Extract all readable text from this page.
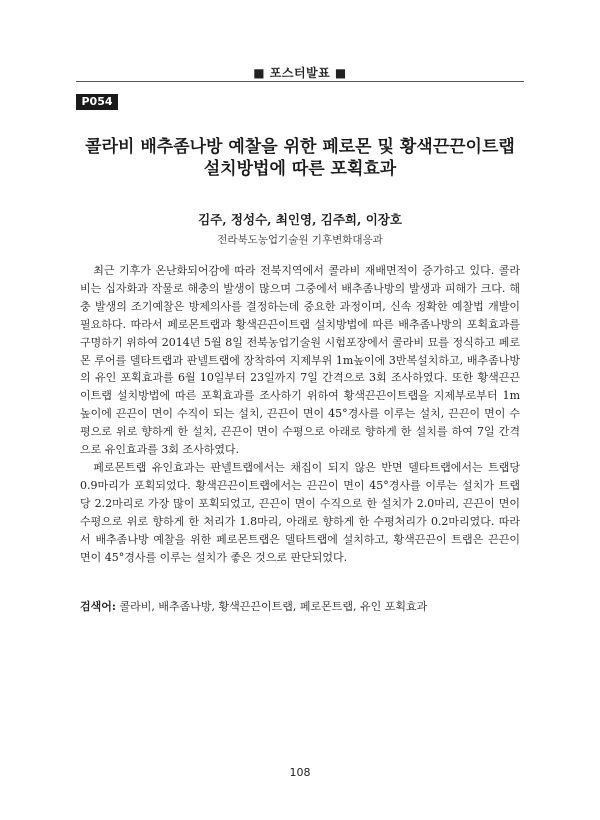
■ 포스터발표 ■
P054
콜라비 배추좀나방 예찰을 위한 페로몬 및 황색끈끈이트랩
설치방법에 따른 포획효과

김주, 정성수, 최인영, 김주희, 이장호

전라북도농업기술원 기후변화대응과

최근 기후가 온난화되어감에 따라 전북지역에서 콜라비 재배면적이 증가하고 있다. 콜라비는 십자화과 작물로 해충의 발생이 많으며 그중에서 배추좀나방의 발생과 피해가 크다. 해충 발생의 조기예찰은 방제의사를 결정하는데 중요한 과정이며, 신속 정확한 예찰법 개발이 필요하다. 따라서 페로몬트랩과 황색끈끈이트랩 설치방법에 따른 배추좀나방의 포획효과를 구명하기 위하여 2014년 5월 8일 전북농업기술원 시험포장에서 콜라비 묘를 정식하고 페로몬 루어를 델타트랩과 판넬트랩에 장착하여 지제부위 1m높이에 3반복설치하고, 배추좀나방의 유인 포획효과를 6월 10일부터 23일까지 7일 간격으로 3회 조사하였다. 또한 황색끈끈이트랩 설치방법에 따른 포획효과를 조사하기 위하여 황색끈끈이트랩을 지제부로부터 1m 높이에 끈끈이 면이 수직이 되는 설치, 끈끈이 면이 45°경사를 이루는 설치, 끈끈이 면이 수평으로 위로 향하게 한 설치, 끈끈이 면이 수평으로 아래로 향하게 한 설치를 하여 7일 간격으로 유인효과를 3회 조사하였다.

페로몬트랩 유인효과는 판넬트랩에서는 채집이 되지 않은 반면 델타트랩에서는 트랩당 0.9마리가 포획되었다. 황색끈끈이트랩에서는 끈끈이 면이 45°경사를 이루는 설치가 트랩당 2.2마리로 가장 많이 포획되었고, 끈끈이 면이 수직으로 한 설치가 2.0마리, 끈끈이 면이 수평으로 위로 향하게 한 처리가 1.8마리, 아래로 향하게 한 수평처리가 0.2마리였다. 따라서 배추좀나방 예찰을 위한 페로몬트랩은 델타트랩에 설치하고, 황색끈끈이 트랩은 끈끈이 면이 45°경사를 이루는 설치가 좋은 것으로 판단되었다.

검색어: 콜라비, 배추좀나방, 황색끈끈이트랩, 페로몬트랩, 유인 포획효과

108
